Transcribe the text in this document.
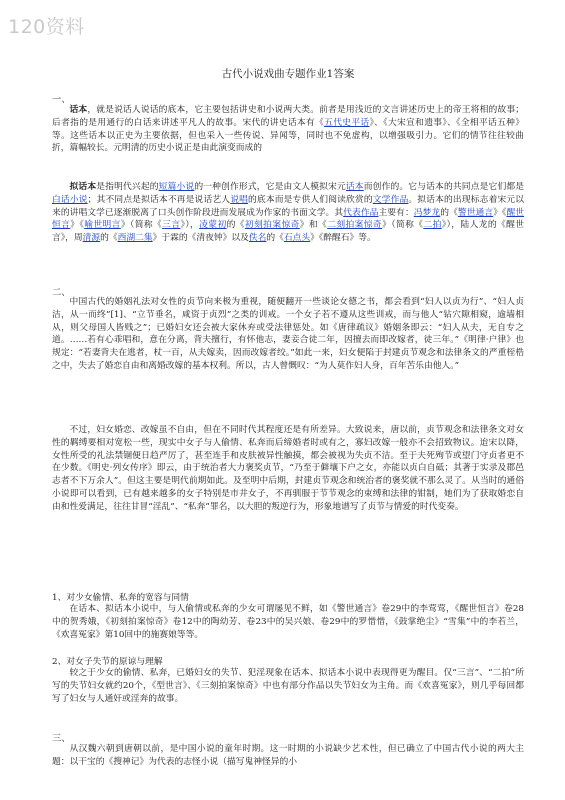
120资料
古代小说戏曲专题作业1答案
一、

话本，就是说话人说话的底本，它主要包括讲史和小说两大类。前者是用浅近的文言讲述历史上的帝王将相的故事；后者指的是用通行的白话来讲述平凡人的故事。宋代的讲史话本有《五代史平话》、《大宋宣和遗事》、《全相平话五种》等。这些话本以正史为主要依据，但也采入一些传说、异闻等，同时也不免虚构，以增强吸引力。它们的情节往往较曲折，篇幅较长。元明清的历史小说正是由此演变而成的

拟话本是指明代兴起的短篇小说的一种创作形式，它是由文人模拟宋元话本而创作的。它与话本的共同点是它们都是白话小说；其不同点是拟话本不再是说话艺人说唱的底本而是专供人们阅读欣赏的文学作品。拟话本的出现标志着宋元以来的讲唱文学已逐渐脱离了口头创作阶段进而发展成为作家的书面文学。其代表作品主要有：冯梦龙的《警世通言》《醒世恒言》《喻世明言》（简称《三言》），凌蒙初的《初刻拍案惊奇》和《二刻拍案惊奇》（简称《二拍》），陆人龙的《醒世言》，周清源的《西湖二集》于霖的《清夜钟》以及佚名的《石点头》《醉醒石》等。

二、

中国古代的婚姻礼法对女性的贞节向来极为重视，随便翻开一些谈论女德之书，都会看到“妇人以贞为行”、“妇人贞洁，从一而终”[1]、“立节垂名，咸资于贞烈”之类的训戒。一个女子若不遵从这些训戒，而与他人“钻穴隙相窥，逾墙相从，则父母国人皆贱之”；已婚妇女还会被大家休弃或受法律惩处。如《唐律疏议》婚姻条即云：“妇人从夫，无自专之道。……若有心乖唱和，意在分离，背夫擅行，有怀他志，妻妾合徒二年，因擅去而即改嫁者，徒三年。”《明律·户律》也规定：“若妻背夫在逃者，杖一百，从夫嫁卖，因而改嫁者绞。”如此一来，妇女便陷于封建贞节观念和法律条文的严重桎梏之中，失去了婚恋自由和离婚改嫁的基本权利。所以，古人曾慨叹：“为人莫作妇人身，百年苦乐由他人。”

不过，妇女婚恋、改嫁虽不自由，但在不同时代其程度还是有所差异。大致说来，唐以前，贞节观念和法律条文对女性的羁缚要相对宽松一些，现实中女子与人偷情、私奔而后缔婚者时或有之，寡妇改嫁一般亦不会招致物议。迨宋以降，女性所受的礼法禁锢便日趋严厉了，甚至连手和皮肤被异性触摸，都会被视为失贞不洁。至于夫死殉节或望门守贞者更不在少数。《明史·列女传序》即云，由于统治者大力褒奖贞节，“乃至于僻壤下户之女，亦能以贞白自砥；其著于实录及郡邑志者不下万余人”。但这主要是明代前期如此。及至明中后期，封建贞节观念和统治者的褒奖就不那么灵了。从当时的通俗小说即可以看到，已有越来越多的女子特别是市井女子，不再驯服于节节观念的束缚和法律的钳制，她们为了获取婚恋自由和性爱满足，往往甘冒“淫乱”、“私奔”罪名，以大胆的叛逆行为，形象地谱写了贞节与情爱的时代变奏。

1、对少女偷情、私奔的宽容与同情

在话本、拟话本小说中，与人偷情或私奔的少女可谓屡见不鲜，如《警世通言》卷29中的李莺莺，《醒世恒言》卷28中的贺秀娥，《初刻拍案惊奇》卷12中的陶幼芳、卷23中的吴兴娘、卷29中的罗惜惜，《鼓掌绝尘》“雪集”中的李若兰，《欢喜冤家》第10回中的施赛娘等等。

2、对女子失节的原谅与理解

较之于少女的偷情、私奔，已婚妇女的失节、犯淫现象在话本、拟话本小说中表现得更为醒目。仅“三言”、“二拍”所写的失节妇女就约20个，《型世言》、《三刻拍案惊奇》中也有部分作品以失节妇女为主角。而《欢喜冤家》，则几乎每回都写了妇女与人通奸或淫奔的故事。

三、

从汉魏六朝到唐朝以前，是中国小说的童年时期。这一时期的小说缺少艺术性，但已确立了中国古代小说的两大主题：以干宝的《搜神记》为代表的志怪小说（描写鬼神怪异的小
